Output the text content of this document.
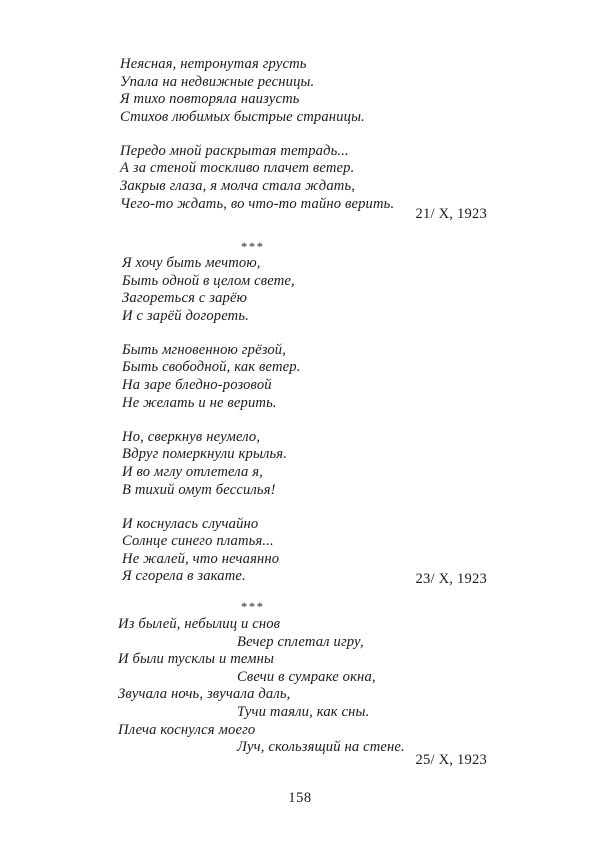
Неясная, нетронутая грусть
Упала на недвижные ресницы.
Я тихо повторяла наизусть
Стихов любимых быстрые страницы.
Передо мной раскрытая тетрадь...
А за стеной тоскливо плачет ветер.
Закрыв глаза, я молча стала ждать,
Чего-то ждать, во что-то тайно верить.
21/ X, 1923
***
Я хочу быть мечтою,
Быть одной в целом свете,
Загореться с зарёю
И с зарёй догореть.
Быть мгновенною грёзой,
Быть свободной, как ветер.
На заре бледно-розовой
Не желать и не верить.
Но, сверкнув неумело,
Вдруг померкнули крылья.
И во мглу отлетела я,
В тихий омут бессилья!
И коснулась случайно
Солнце синего платья...
Не жалей, что нечаянно
Я сгорела в закате.	23/ X, 1923
***
Из былей, небылиц и снов
Вечер сплетал игру,
И были тусклы и темны
Свечи в сумраке окна,
Звучала ночь, звучала даль,
Тучи таяли, как сны.
Плеча коснулся моего
Луч, скользящий на стене.
25/ X, 1923
158
